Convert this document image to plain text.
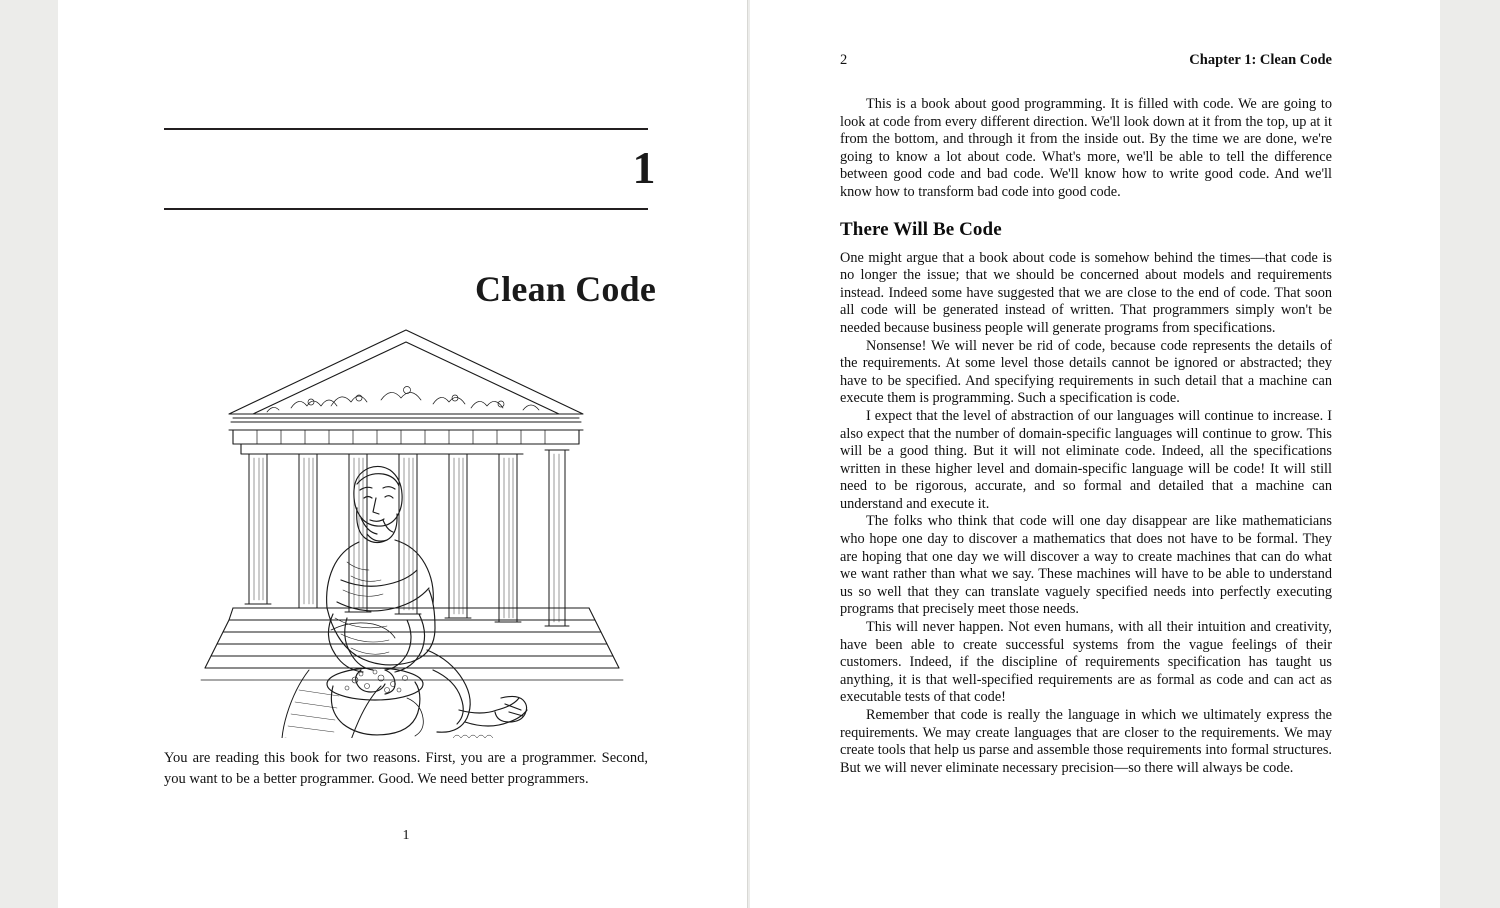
1
Clean Code
You are reading this book for two reasons. First, you are a programmer. Second, you want to be a better programmer. Good. We need better programmers.
1
2	Chapter 1: Clean Code

This is a book about good programming. It is filled with code. We are going to look at code from every different direction. We'll look down at it from the top, up at it from the bottom, and through it from the inside out. By the time we are done, we're going to know a lot about code. What's more, we'll be able to tell the difference between good code and bad code. We'll know how to write good code. And we'll know how to transform bad code into good code.

There Will Be Code

One might argue that a book about code is somehow behind the times—that code is no longer the issue; that we should be concerned about models and requirements instead. Indeed some have suggested that we are close to the end of code. That soon all code will be generated instead of written. That programmers simply won't be needed because business people will generate programs from specifications.

Nonsense! We will never be rid of code, because code represents the details of the requirements. At some level those details cannot be ignored or abstracted; they have to be specified. And specifying requirements in such detail that a machine can execute them is programming. Such a specification is code.

I expect that the level of abstraction of our languages will continue to increase. I also expect that the number of domain-specific languages will continue to grow. This will be a good thing. But it will not eliminate code. Indeed, all the specifications written in these higher level and domain-specific language will be code! It will still need to be rigorous, accurate, and so formal and detailed that a machine can understand and execute it.

The folks who think that code will one day disappear are like mathematicians who hope one day to discover a mathematics that does not have to be formal. They are hoping that one day we will discover a way to create machines that can do what we want rather than what we say. These machines will have to be able to understand us so well that they can translate vaguely specified needs into perfectly executing programs that precisely meet those needs.

This will never happen. Not even humans, with all their intuition and creativity, have been able to create successful systems from the vague feelings of their customers. Indeed, if the discipline of requirements specification has taught us anything, it is that well-specified requirements are as formal as code and can act as executable tests of that code!

Remember that code is really the language in which we ultimately express the requirements. We may create languages that are closer to the requirements. We may create tools that help us parse and assemble those requirements into formal structures. But we will never eliminate necessary precision—so there will always be code.
